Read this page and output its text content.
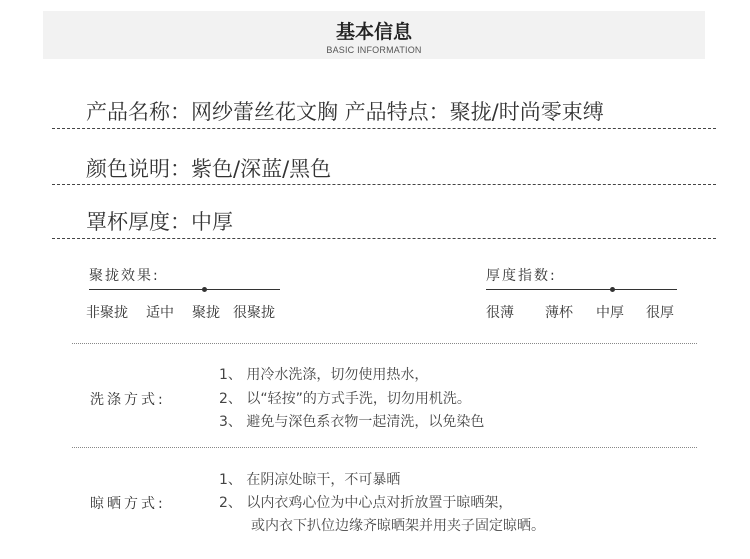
基本信息
BASIC INFORMATION
产品名称：网纱蕾丝花文胸 产品特点：聚拢/时尚零束缚
颜色说明：紫色/深蓝/黑色
罩杯厚度：中厚
聚拢效果:
非聚拢 适中 聚拢 很聚拢
厚度指数:
很薄 薄杯 中厚 很厚
洗涤方式:
1、 用冷水洗涤，切勿使用热水，
2、 以“轻按”的方式手洗，切勿用机洗。
3、 避免与深色系衣物一起清洗，以免染色
晾晒方式:
1、 在阴凉处晾干，不可暴晒
2、 以内衣鸡心位为中心点对折放置于晾晒架，
或内衣下扒位边缘齐晾晒架并用夹子固定晾晒。
